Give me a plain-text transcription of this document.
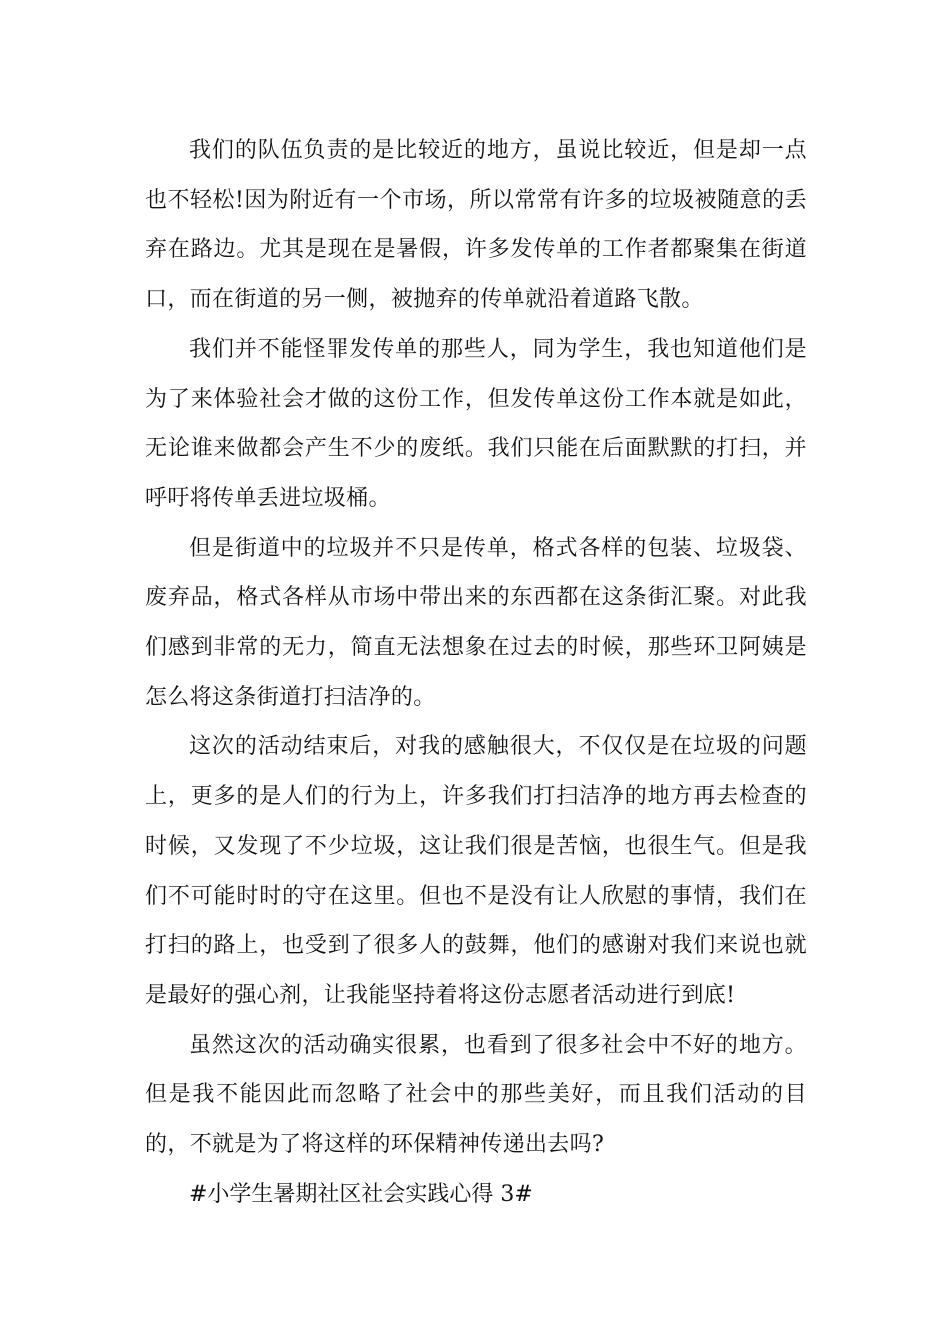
我们的队伍负责的是比较近的地方，虽说比较近，但是却一点也不轻松!因为附近有一个市场，所以常常有许多的垃圾被随意的丢弃在路边。尤其是现在是暑假，许多发传单的工作者都聚集在街道口，而在街道的另一侧，被抛弃的传单就沿着道路飞散。

我们并不能怪罪发传单的那些人，同为学生，我也知道他们是为了来体验社会才做的这份工作，但发传单这份工作本就是如此，无论谁来做都会产生不少的废纸。我们只能在后面默默的打扫，并呼吁将传单丢进垃圾桶。

但是街道中的垃圾并不只是传单，格式各样的包装、垃圾袋、废弃品，格式各样从市场中带出来的东西都在这条街汇聚。对此我们感到非常的无力，简直无法想象在过去的时候，那些环卫阿姨是怎么将这条街道打扫洁净的。

这次的活动结束后，对我的感触很大，不仅仅是在垃圾的问题上，更多的是人们的行为上，许多我们打扫洁净的地方再去检查的时候，又发现了不少垃圾，这让我们很是苦恼，也很生气。但是我们不可能时时的守在这里。但也不是没有让人欣慰的事情，我们在打扫的路上，也受到了很多人的鼓舞，他们的感谢对我们来说也就是最好的强心剂，让我能坚持着将这份志愿者活动进行到底!

虽然这次的活动确实很累，也看到了很多社会中不好的地方。但是我不能因此而忽略了社会中的那些美好，而且我们活动的目的，不就是为了将这样的环保精神传递出去吗?

#小学生暑期社区社会实践心得 3#
